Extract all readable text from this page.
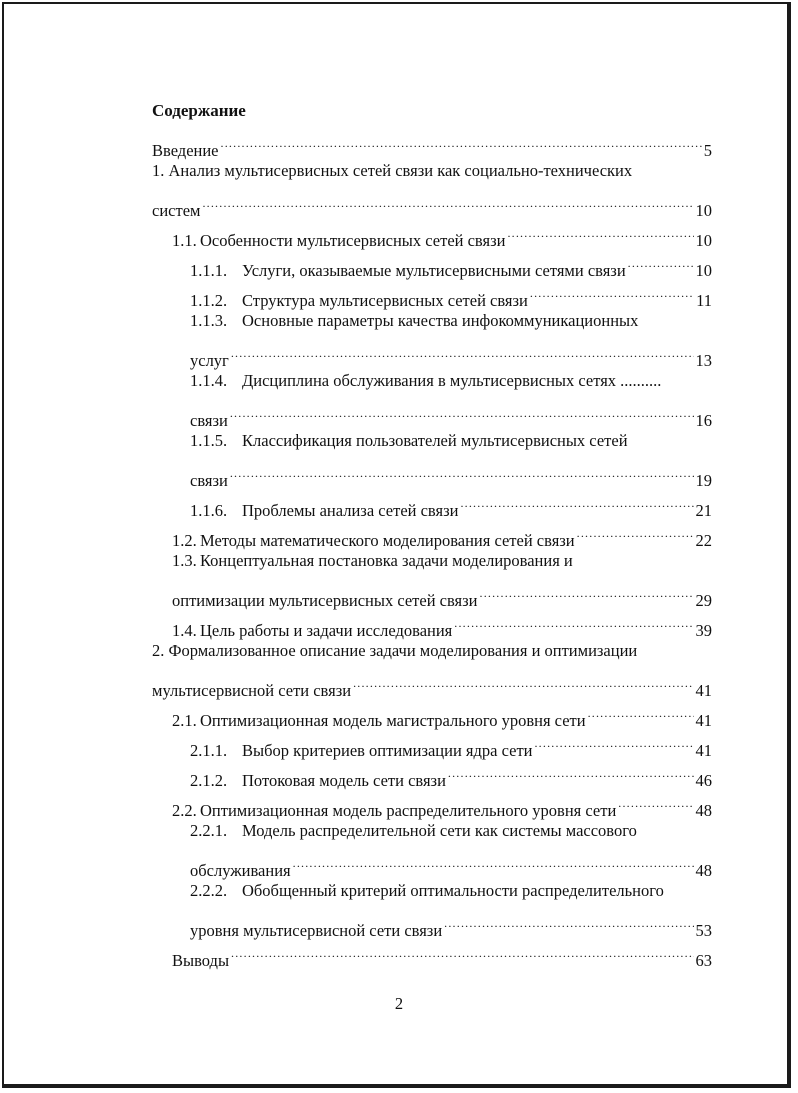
Содержание
Введение .....	5
1. Анализ мультисервисных сетей связи как социально-технических
систем .....	10
1.1. Особенности мультисервисных сетей связи .....	10
1.1.1. Услуги, оказываемые мультисервисными сетями связи .....	10
1.1.2. Структура мультисервисных сетей связи .....	11
1.1.3. Основные параметры качества инфокоммуникационных
услуг .....	13
1.1.4. Дисциплина обслуживания в мультисервисных сетях ..........
связи .....	16
1.1.5. Классификация пользователей мультисервисных сетей
связи .....	19
1.1.6. Проблемы анализа сетей связи .....	21
1.2. Методы математического моделирования сетей связи .....	22
1.3. Концептуальная постановка задачи моделирования и
оптимизации мультисервисных сетей связи .....	29
1.4. Цель работы и задачи исследования .....	39
2. Формализованное описание задачи моделирования и оптимизации
мультисервисной сети связи .....	41
2.1. Оптимизационная модель магистрального уровня сети .....	41
2.1.1. Выбор критериев оптимизации ядра сети .....	41
2.1.2. Потоковая модель сети связи .....	46
2.2. Оптимизационная модель распределительного уровня сети .....	48
2.2.1. Модель распределительной сети как системы массового
обслуживания .....	48
2.2.2. Обобщенный критерий оптимальности распределительного
уровня мультисервисной сети связи .....	53
Выводы .....	63
2
